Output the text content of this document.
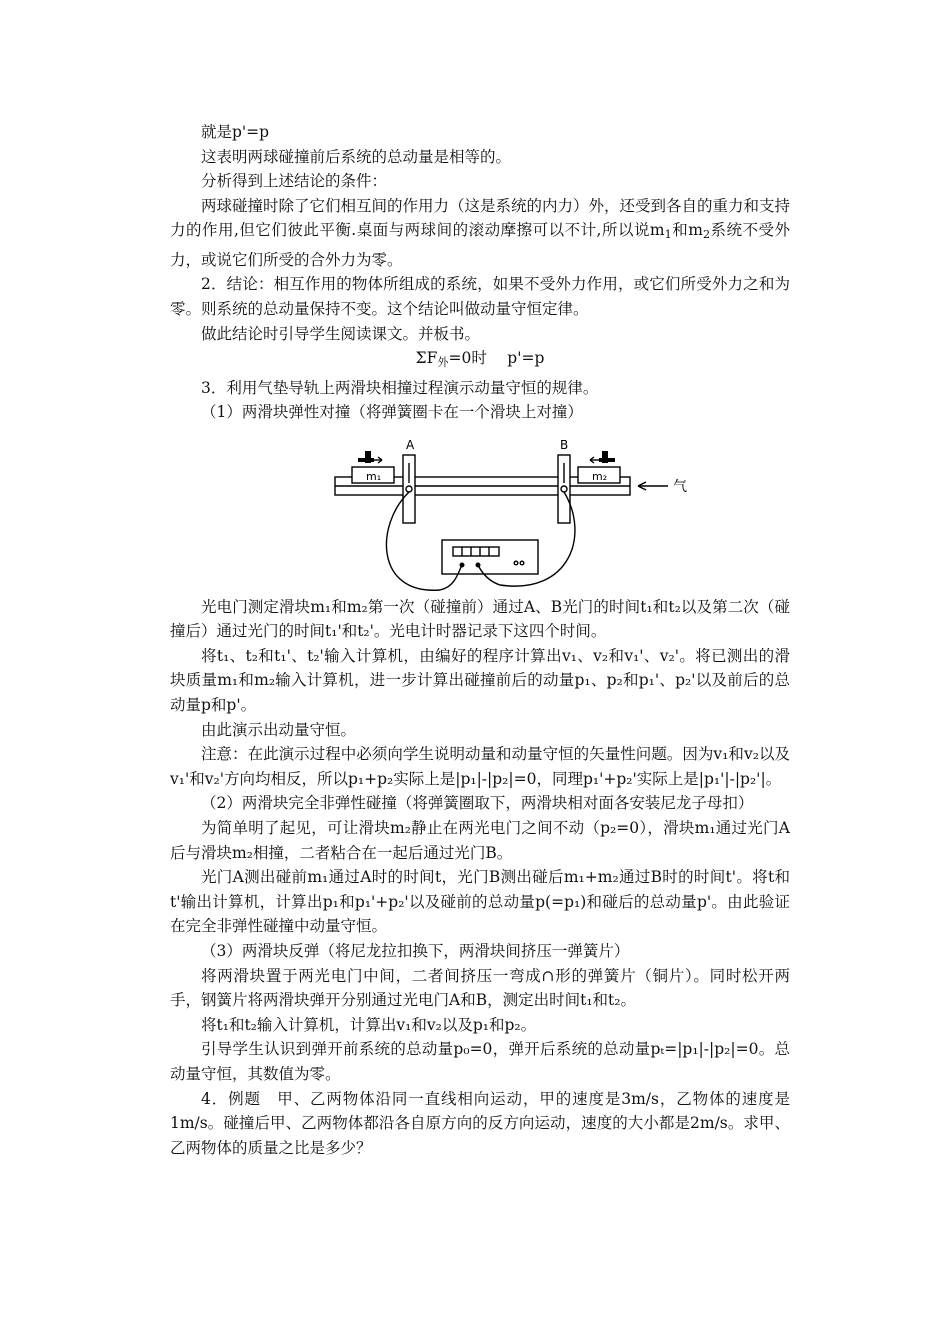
就是p'=p

这表明两球碰撞前后系统的总动量是相等的。

分析得到上述结论的条件：

两球碰撞时除了它们相互间的作用力（这是系统的内力）外，还受到各自的重力和支持力的作用,但它们彼此平衡.桌面与两球间的滚动摩擦可以不计,所以说$m_1$和$m_2$系统不受外力，或说它们所受的合外力为零。

2．结论：相互作用的物体所组成的系统，如果不受外力作用，或它们所受外力之和为零。则系统的总动量保持不变。这个结论叫做动量守恒定律。

做此结论时引导学生阅读课文。并板书。

$\Sigma F_外=0$时　 p'=p

3．利用气垫导轨上两滑块相撞过程演示动量守恒的规律。

（1）两滑块弹性对撞（将弹簧圈卡在一个滑块上对撞）

A	B
m₁	m₂
气

光电门测定滑块m₁和m₂第一次（碰撞前）通过A、B光门的时间t₁和t₂以及第二次（碰撞后）通过光门的时间t₁'和t₂'。光电计时器记录下这四个时间。

将t₁、t₂和t₁'、t₂'输入计算机，由编好的程序计算出v₁、v₂和v₁'、v₂'。将已测出的滑块质量m₁和m₂输入计算机，进一步计算出碰撞前后的动量p₁、p₂和p₁'、p₂'以及前后的总动量p和p'。

由此演示出动量守恒。

注意：在此演示过程中必须向学生说明动量和动量守恒的矢量性问题。因为v₁和v₂以及v₁'和v₂'方向均相反，所以p₁+p₂实际上是|p₁|-|p₂|=0，同理p₁'+p₂'实际上是|p₁'|-|p₂'|。

（2）两滑块完全非弹性碰撞（将弹簧圈取下，两滑块相对面各安装尼龙子母扣）

为简单明了起见，可让滑块m₂静止在两光电门之间不动（p₂=0），滑块m₁通过光门A后与滑块m₂相撞，二者粘合在一起后通过光门B。

光门A测出碰前m₁通过A时的时间t，光门B测出碰后m₁+m₂通过B时的时间t'。将t和t'输出计算机，计算出p₁和p₁'+p₂'以及碰前的总动量p(=p₁)和碰后的总动量p'。由此验证在完全非弹性碰撞中动量守恒。

（3）两滑块反弹（将尼龙拉扣换下，两滑块间挤压一弹簧片）

将两滑块置于两光电门中间，二者间挤压一弯成∩形的弹簧片（铜片）。同时松开两手，钢簧片将两滑块弹开分别通过光电门A和B，测定出时间t₁和t₂。

将t₁和t₂输入计算机，计算出v₁和v₂以及p₁和p₂。

引导学生认识到弹开前系统的总动量p₀=0，弹开后系统的总动量pₜ=|p₁|-|p₂|=0。总动量守恒，其数值为零。

4．例题　甲、乙两物体沿同一直线相向运动，甲的速度是3m/s，乙物体的速度是1m/s。碰撞后甲、乙两物体都沿各自原方向的反方向运动，速度的大小都是2m/s。求甲、乙两物体的质量之比是多少？
